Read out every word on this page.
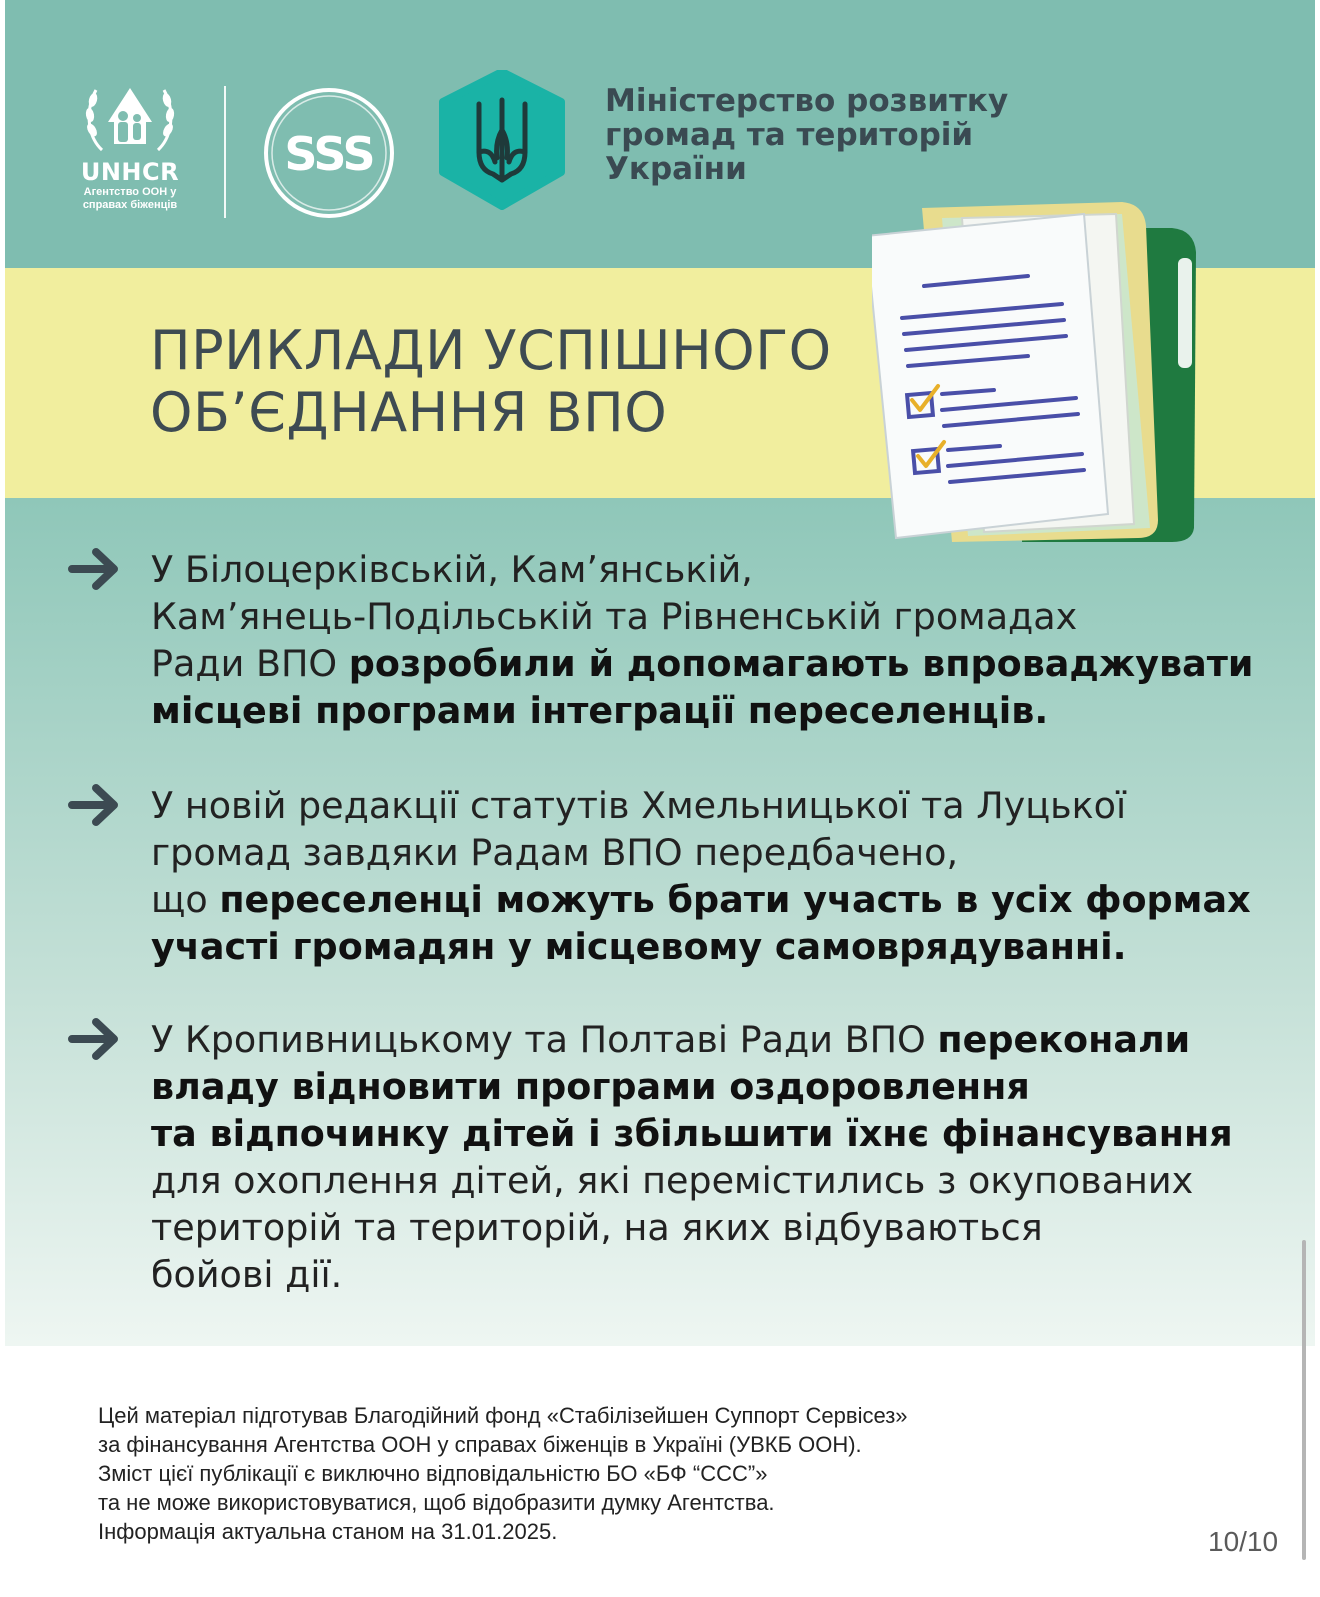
UNHCR
Агентство ООН у
справах біженців
SSS
Міністерство розвитку
громад та територій
України
ПРИКЛАДИ УСПІШНОГО
ОБ’ЄДНАННЯ ВПО
У Білоцерківській, Кам’янській,
Кам’янець-Подільській та Рівненській громадах
Ради ВПО розробили й допомагають впроваджувати
місцеві програми інтеграції переселенців.
У новій редакції статутів Хмельницької та Луцької
громад завдяки Радам ВПО передбачено,
що переселенці можуть брати участь в усіх формах
участі громадян у місцевому самоврядуванні.
У Кропивницькому та Полтаві Ради ВПО переконали
владу відновити програми оздоровлення
та відпочинку дітей і збільшити їхнє фінансування
для охоплення дітей, які перемістились з окупованих
територій та територій, на яких відбуваються
бойові дії.
Цей матеріал підготував Благодійний фонд «Стабілізейшен Суппорт Сервісез»
за фінансування Агентства ООН у справах біженців в Україні (УВКБ ООН).
Зміст цієї публікації є виключно відповідальністю БО «БФ “ССС”»
та не може використовуватися, щоб відобразити думку Агентства.
Інформація актуальна станом на 31.01.2025.	10/10
